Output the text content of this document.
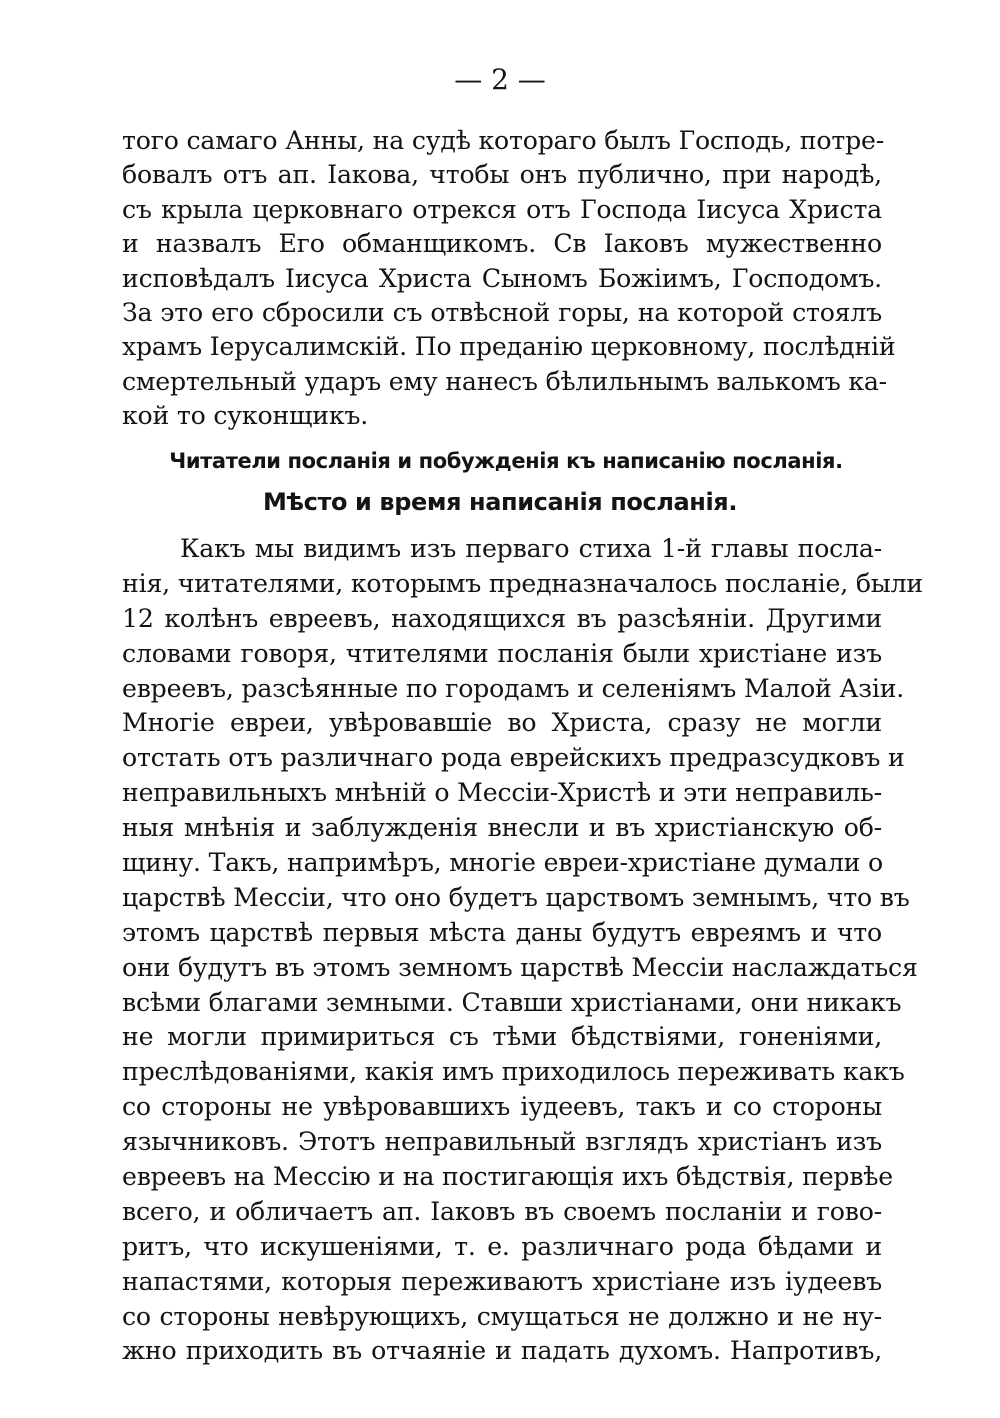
— 2 —
того самаго Анны, на судѣ котораго былъ Господь, потре-
бовалъ отъ ап. Іакова, чтобы онъ публично, при народѣ,
съ крыла церковнаго отрекся отъ Господа Іисуса Христа
и назвалъ Его обманщикомъ. Св Іаковъ мужественно
исповѣдалъ Іисуса Христа Сыномъ Божіимъ, Господомъ.
За это его сбросили съ отвѣсной горы, на которой стоялъ
храмъ Іерусалимскій. По преданію церковному, послѣдній
смертельный ударъ ему нанесъ бѣлильнымъ валькомъ ка-
кой то суконщикъ.
Читатели посланія и побужденія къ написанію посланія.
Мѣсто и время написанія посланія.
Какъ мы видимъ изъ перваго стиха 1-й главы посла-
нія, читателями, которымъ предназначалось посланіе, были
12 колѣнъ евреевъ, находящихся въ разсѣяніи. Другими
словами говоря, чтителями посланія были христіане изъ
евреевъ, разсѣянные по городамъ и селеніямъ Малой Азіи.
Многіе евреи, увѣровавшіе во Христа, сразу не могли
отстать отъ различнаго рода еврейскихъ предразсудковъ и
неправильныхъ мнѣній о Мессіи-Христѣ и эти неправиль-
ныя мнѣнія и заблужденія внесли и въ христіанскую об-
щину. Такъ, напримѣръ, многіе евреи-христіане думали о
царствѣ Мессіи, что оно будетъ царствомъ земнымъ, что въ
этомъ царствѣ первыя мѣста даны будутъ евреямъ и что
они будутъ въ этомъ земномъ царствѣ Мессіи наслаждаться
всѣми благами земными. Ставши христіанами, они никакъ
не могли примириться съ тѣми бѣдствіями, гоненіями,
преслѣдованіями, какія имъ приходилось переживать какъ
со стороны не увѣровавшихъ іудеевъ, такъ и со стороны
язычниковъ. Этотъ неправильный взглядъ христіанъ изъ
евреевъ на Мессію и на постигающія ихъ бѣдствія, первѣе
всего, и обличаетъ ап. Іаковъ въ своемъ посланіи и гово-
ритъ, что искушеніями, т. е. различнаго рода бѣдами и
напастями, которыя переживаютъ христіане изъ іудеевъ
со стороны невѣрующихъ, смущаться не должно и не ну-
жно приходить въ отчаяніе и падать духомъ. Напротивъ,
